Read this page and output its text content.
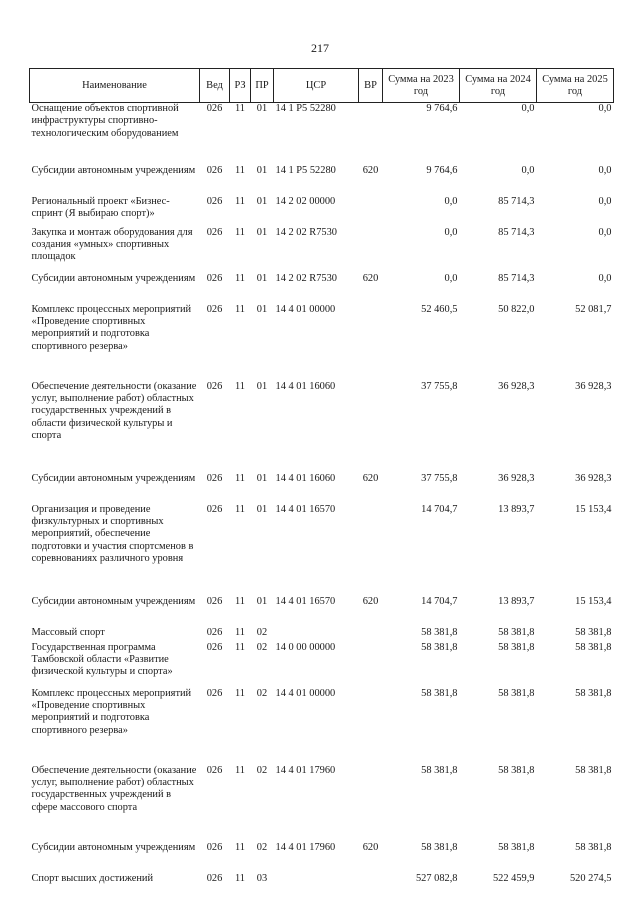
217
Наименование	Вед	РЗ	ПР	ЦСР	ВР	Сумма на 2023 год	Сумма на 2024 год	Сумма на 2025 год
Оснащение объектов спортивной инфраструктуры спортивно-технологическим оборудованием	026	11	01	14 1 Р5 52280		9 764,6	0,0	0,0
Субсидии автономным учреждениям	026	11	01	14 1 Р5 52280	620	9 764,6	0,0	0,0
Региональный проект «Бизнес-спринт (Я выбираю спорт)»	026	11	01	14 2 02 00000		0,0	85 714,3	0,0
Закупка и монтаж оборудования для создания «умных» спортивных площадок	026	11	01	14 2 02 R7530		0,0	85 714,3	0,0
Субсидии автономным учреждениям	026	11	01	14 2 02 R7530	620	0,0	85 714,3	0,0
Комплекс процессных мероприятий «Проведение спортивных мероприятий и подготовка спортивного резерва»	026	11	01	14 4 01 00000		52 460,5	50 822,0	52 081,7
Обеспечение деятельности (оказание услуг, выполнение работ) областных государственных учреждений в области физической культуры и спорта	026	11	01	14 4 01 16060		37 755,8	36 928,3	36 928,3
Субсидии автономным учреждениям	026	11	01	14 4 01 16060	620	37 755,8	36 928,3	36 928,3
Организация и проведение физкультурных и спортивных мероприятий, обеспечение подготовки и участия спортсменов в соревнованиях различного уровня	026	11	01	14 4 01 16570		14 704,7	13 893,7	15 153,4
Субсидии автономным учреждениям	026	11	01	14 4 01 16570	620	14 704,7	13 893,7	15 153,4
Массовый спорт	026	11	02			58 381,8	58 381,8	58 381,8
Государственная программа Тамбовской области «Развитие физической культуры и спорта»	026	11	02	14 0 00 00000		58 381,8	58 381,8	58 381,8
Комплекс процессных мероприятий «Проведение спортивных мероприятий и подготовка спортивного резерва»	026	11	02	14 4 01 00000		58 381,8	58 381,8	58 381,8
Обеспечение деятельности (оказание услуг, выполнение работ) областных государственных учреждений в сфере массового спорта	026	11	02	14 4 01 17960		58 381,8	58 381,8	58 381,8
Субсидии автономным учреждениям	026	11	02	14 4 01 17960	620	58 381,8	58 381,8	58 381,8
Спорт высших достижений	026	11	03			527 082,8	522 459,9	520 274,5
